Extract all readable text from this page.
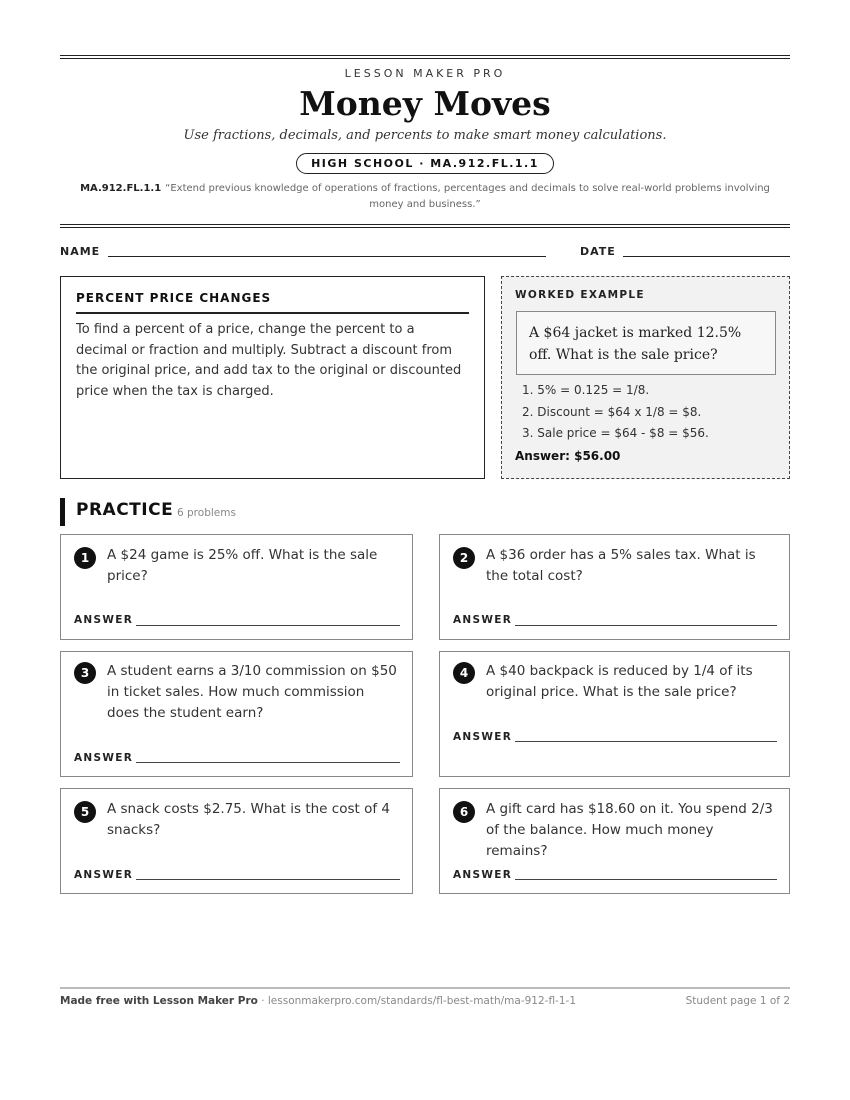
LESSON MAKER PRO
Money Moves
Use fractions, decimals, and percents to make smart money calculations.
HIGH SCHOOL · MA.912.FL.1.1
MA.912.FL.1.1 “Extend previous knowledge of operations of fractions, percentages and decimals to solve real-world problems involving money and business.”
NAME	DATE
PERCENT PRICE CHANGES
To find a percent of a price, change the percent to a decimal or fraction and multiply. Subtract a discount from the original price, and add tax to the original or discounted price when the tax is charged.
WORKED EXAMPLE
A $64 jacket is marked 12.5% off. What is the sale price?
1. 5% = 0.125 = 1/8.
2. Discount = $64 x 1/8 = $8.
3. Sale price = $64 - $8 = $56.
Answer: $56.00
PRACTICE 6 problems
1	A $24 game is 25% off. What is the sale price?
ANSWER
2	A $36 order has a 5% sales tax. What is the total cost?
ANSWER
3	A student earns a 3/10 commission on $50 in ticket sales. How much commission does the student earn?
ANSWER
4	A $40 backpack is reduced by 1/4 of its original price. What is the sale price?
ANSWER
5	A snack costs $2.75. What is the cost of 4 snacks?
ANSWER
6	A gift card has $18.60 on it. You spend 2/3 of the balance. How much money remains?
ANSWER
Made free with Lesson Maker Pro · lessonmakerpro.com/standards/fl-best-math/ma-912-fl-1-1	Student page 1 of 2
